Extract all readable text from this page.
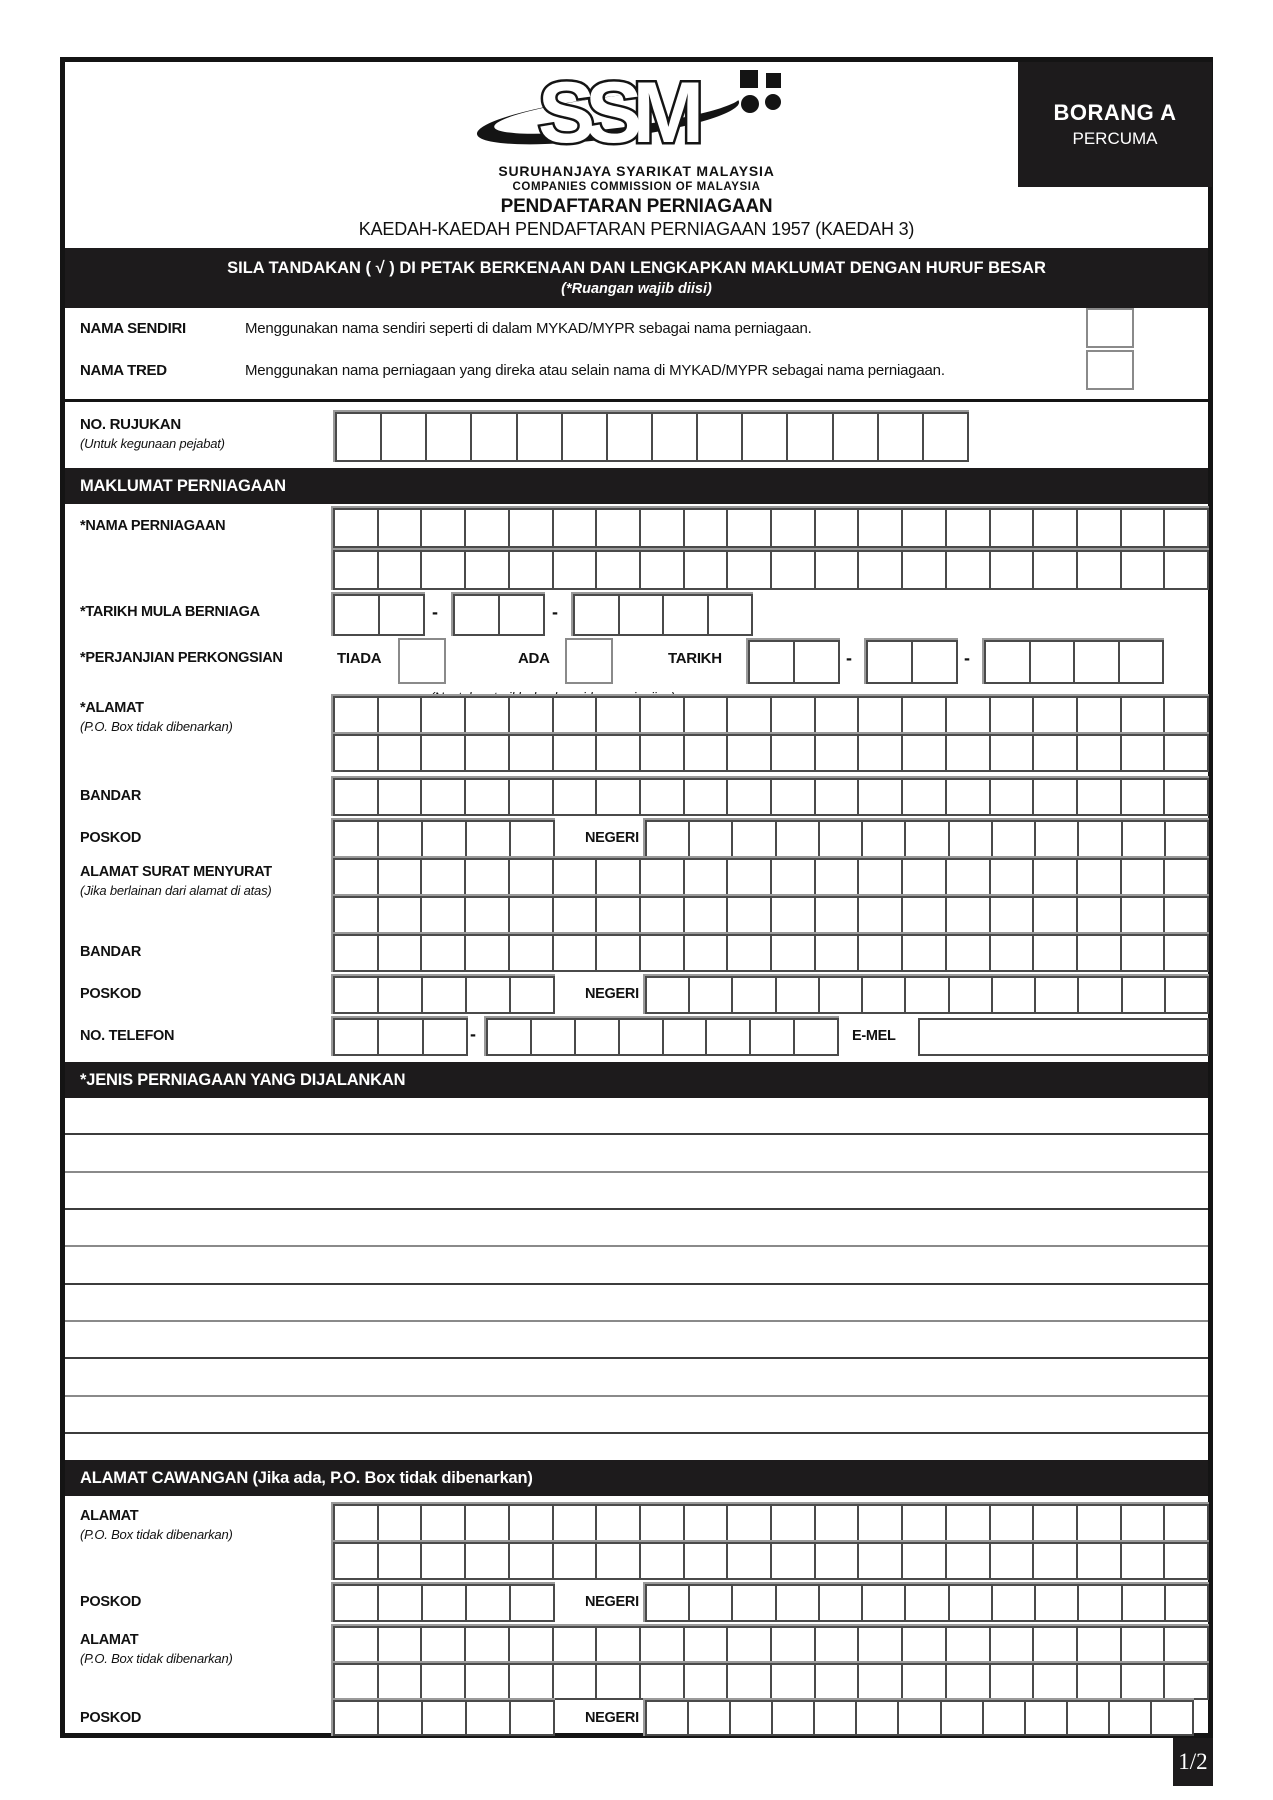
SSM
SURUHANJAYA SYARIKAT MALAYSIA
COMPANIES COMMISSION OF MALAYSIA
BORANG A
PERCUMA
PENDAFTARAN PERNIAGAAN
KAEDAH-KAEDAH PENDAFTARAN PERNIAGAAN 1957 (KAEDAH 3)
SILA TANDAKAN ( √ ) DI PETAK BERKENAAN DAN LENGKAPKAN MAKLUMAT DENGAN HURUF BESAR
(*Ruangan wajib diisi)
NAMA SENDIRI	Menggunakan nama sendiri seperti di dalam MYKAD/MYPR sebagai nama perniagaan.
NAMA TRED	Menggunakan nama perniagaan yang direka atau selain nama di MYKAD/MYPR sebagai nama perniagaan.
NO. RUJUKAN
(Untuk kegunaan pejabat)
MAKLUMAT PERNIAGAAN
*NAMA PERNIAGAAN
*TARIKH MULA BERNIAGA	-	-
*PERJANJIAN PERKONGSIAN	TIADA	ADA	TARIKH	-	-
*ALAMAT
(P.O. Box tidak dibenarkan)
BANDAR
POSKOD	NEGERI
ALAMAT SURAT MENYURAT
(Jika berlainan dari alamat di atas)
BANDAR
POSKOD	NEGERI
NO. TELEFON	-	E-MEL
*JENIS PERNIAGAAN YANG DIJALANKAN
ALAMAT CAWANGAN (Jika ada, P.O. Box tidak dibenarkan)
ALAMAT
(P.O. Box tidak dibenarkan)
POSKOD	NEGERI
ALAMAT
(P.O. Box tidak dibenarkan)
POSKOD	NEGERI
1/2
